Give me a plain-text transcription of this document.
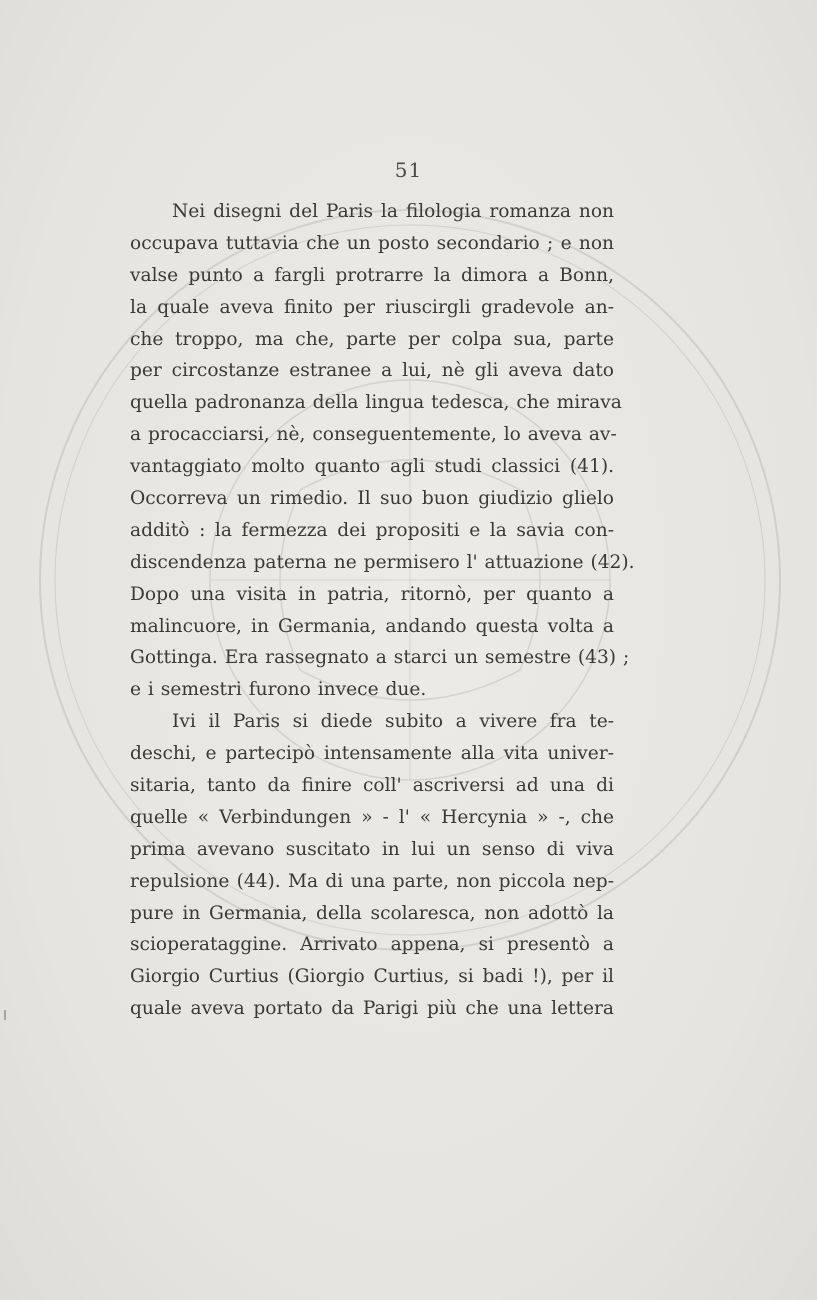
51
Nei disegni del Paris la filologia romanza non
occupava tuttavia che un posto secondario ; e non
valse punto a fargli protrarre la dimora a Bonn,
la quale aveva finito per riuscirgli gradevole an-
che troppo, ma che, parte per colpa sua, parte
per circostanze estranee a lui, nè gli aveva dato
quella padronanza della lingua tedesca, che mirava
a procacciarsi, nè, conseguentemente, lo aveva av-
vantaggiato molto quanto agli studi classici (41).
Occorreva un rimedio. Il suo buon giudizio glielo
additò : la fermezza dei propositi e la savia con-
discendenza paterna ne permisero l' attuazione (42).
Dopo una visita in patria, ritornò, per quanto a
malincuore, in Germania, andando questa volta a
Gottinga. Era rassegnato a starci un semestre (43) ;
e i semestri furono invece due.
Ivi il Paris si diede subito a vivere fra te-
deschi, e partecipò intensamente alla vita univer-
sitaria, tanto da finire coll' ascriversi ad una di
quelle « Verbindungen » - l' « Hercynia » -, che
prima avevano suscitato in lui un senso di viva
repulsione (44). Ma di una parte, non piccola nep-
pure in Germania, della scolaresca, non adottò la
scioperataggine. Arrivato appena, si presentò a
Giorgio Curtius (Giorgio Curtius, si badi !), per il
quale aveva portato da Parigi più che una lettera
